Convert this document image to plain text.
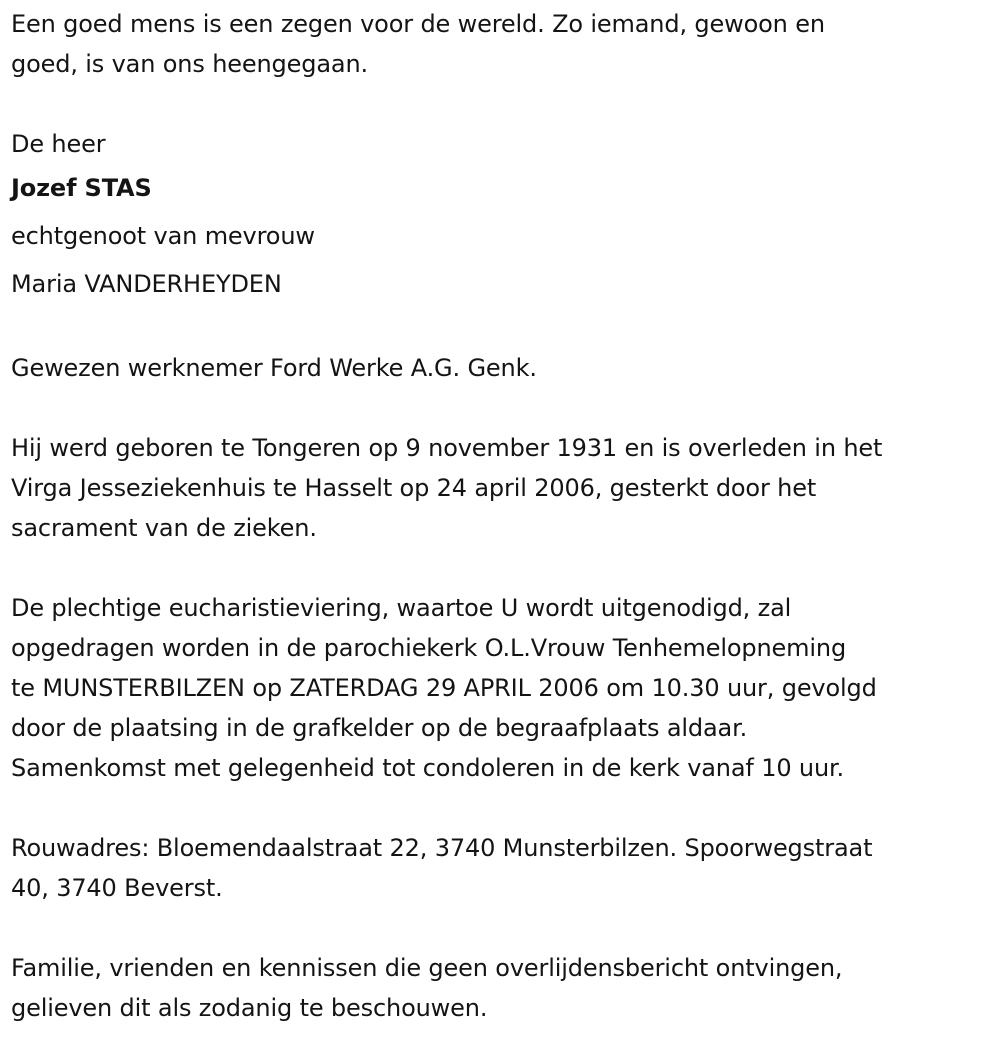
Een goed mens is een zegen voor de wereld. Zo iemand, gewoon en

goed, is van ons heengegaan.

De heer

Jozef STAS

echtgenoot van mevrouw

Maria VANDERHEYDEN

Gewezen werknemer Ford Werke A.G. Genk.

Hij werd geboren te Tongeren op 9 november 1931 en is overleden in het

Virga Jesseziekenhuis te Hasselt op 24 april 2006, gesterkt door het

sacrament van de zieken.

De plechtige eucharistieviering, waartoe U wordt uitgenodigd, zal

opgedragen worden in de parochiekerk O.L.Vrouw Tenhemelopneming

te MUNSTERBILZEN op ZATERDAG 29 APRIL 2006 om 10.30 uur, gevolgd

door de plaatsing in de grafkelder op de begraafplaats aldaar.

Samenkomst met gelegenheid tot condoleren in de kerk vanaf 10 uur.

Rouwadres: Bloemendaalstraat 22, 3740 Munsterbilzen. Spoorwegstraat

40, 3740 Beverst.

Familie, vrienden en kennissen die geen overlijdensbericht ontvingen,

gelieven dit als zodanig te beschouwen.
